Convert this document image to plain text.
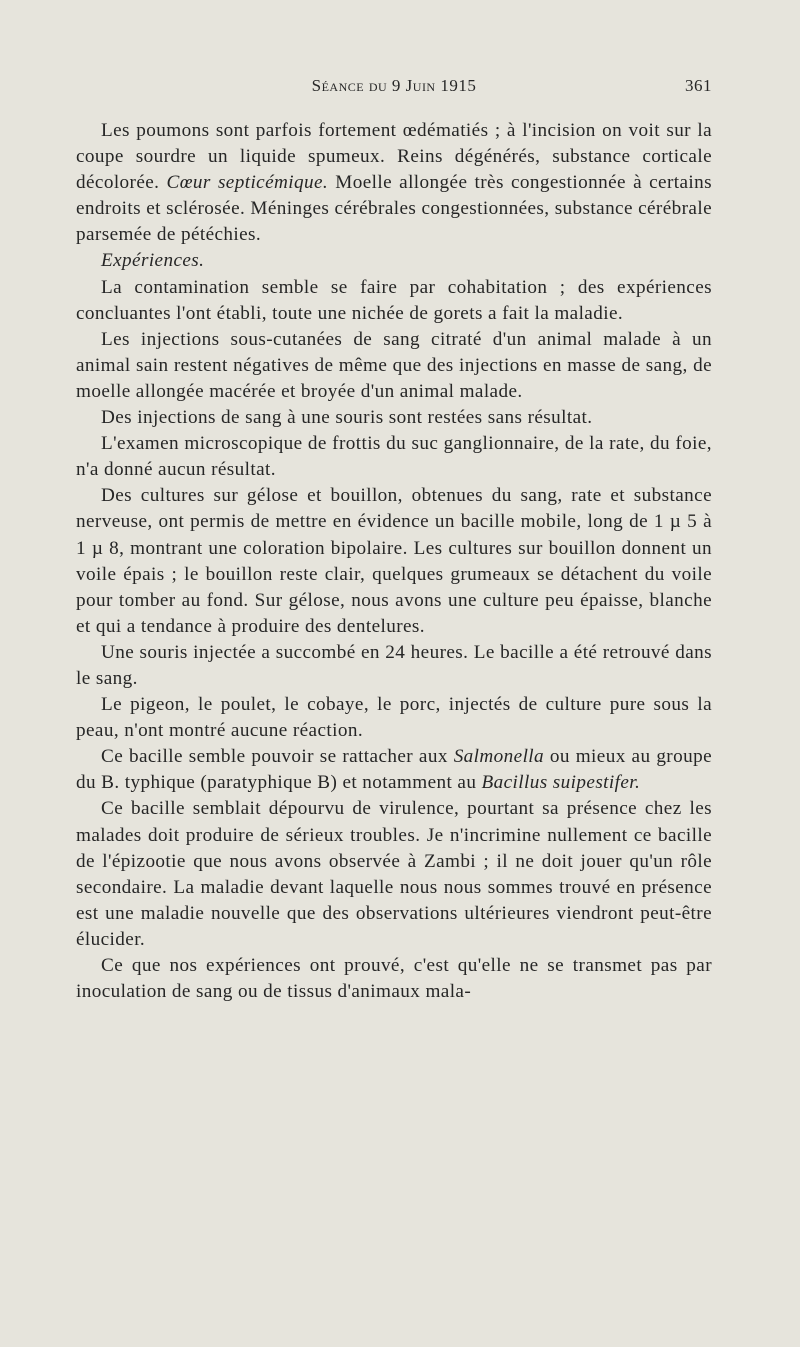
Séance du 9 Juin 1915	361

Les poumons sont parfois fortement œdématiés ; à l'incision on voit sur la coupe sourdre un liquide spumeux. Reins dégénérés, substance corticale décolorée. Cœur septicémique. Moelle allongée très congestionnée à certains endroits et sclérosée. Méninges cérébrales congestionnées, substance cérébrale parsemée de pétéchies.

Expériences.

La contamination semble se faire par cohabitation ; des expériences concluantes l'ont établi, toute une nichée de gorets a fait la maladie.

Les injections sous-cutanées de sang citraté d'un animal malade à un animal sain restent négatives de même que des injections en masse de sang, de moelle allongée macérée et broyée d'un animal malade.

Des injections de sang à une souris sont restées sans résultat.

L'examen microscopique de frottis du suc ganglionnaire, de la rate, du foie, n'a donné aucun résultat.

Des cultures sur gélose et bouillon, obtenues du sang, rate et substance nerveuse, ont permis de mettre en évidence un bacille mobile, long de 1 µ 5 à 1 µ 8, montrant une coloration bipolaire. Les cultures sur bouillon donnent un voile épais ; le bouillon reste clair, quelques grumeaux se détachent du voile pour tomber au fond. Sur gélose, nous avons une culture peu épaisse, blanche et qui a tendance à produire des dentelures.

Une souris injectée a succombé en 24 heures. Le bacille a été retrouvé dans le sang.

Le pigeon, le poulet, le cobaye, le porc, injectés de culture pure sous la peau, n'ont montré aucune réaction.

Ce bacille semble pouvoir se rattacher aux Salmonella ou mieux au groupe du B. typhique (paratyphique B) et notamment au Bacillus suipestifer.

Ce bacille semblait dépourvu de virulence, pourtant sa présence chez les malades doit produire de sérieux troubles. Je n'incrimine nullement ce bacille de l'épizootie que nous avons observée à Zambi ; il ne doit jouer qu'un rôle secondaire. La maladie devant laquelle nous nous sommes trouvé en présence est une maladie nouvelle que des observations ultérieures viendront peut-être élucider.

Ce que nos expériences ont prouvé, c'est qu'elle ne se transmet pas par inoculation de sang ou de tissus d'animaux mala-
